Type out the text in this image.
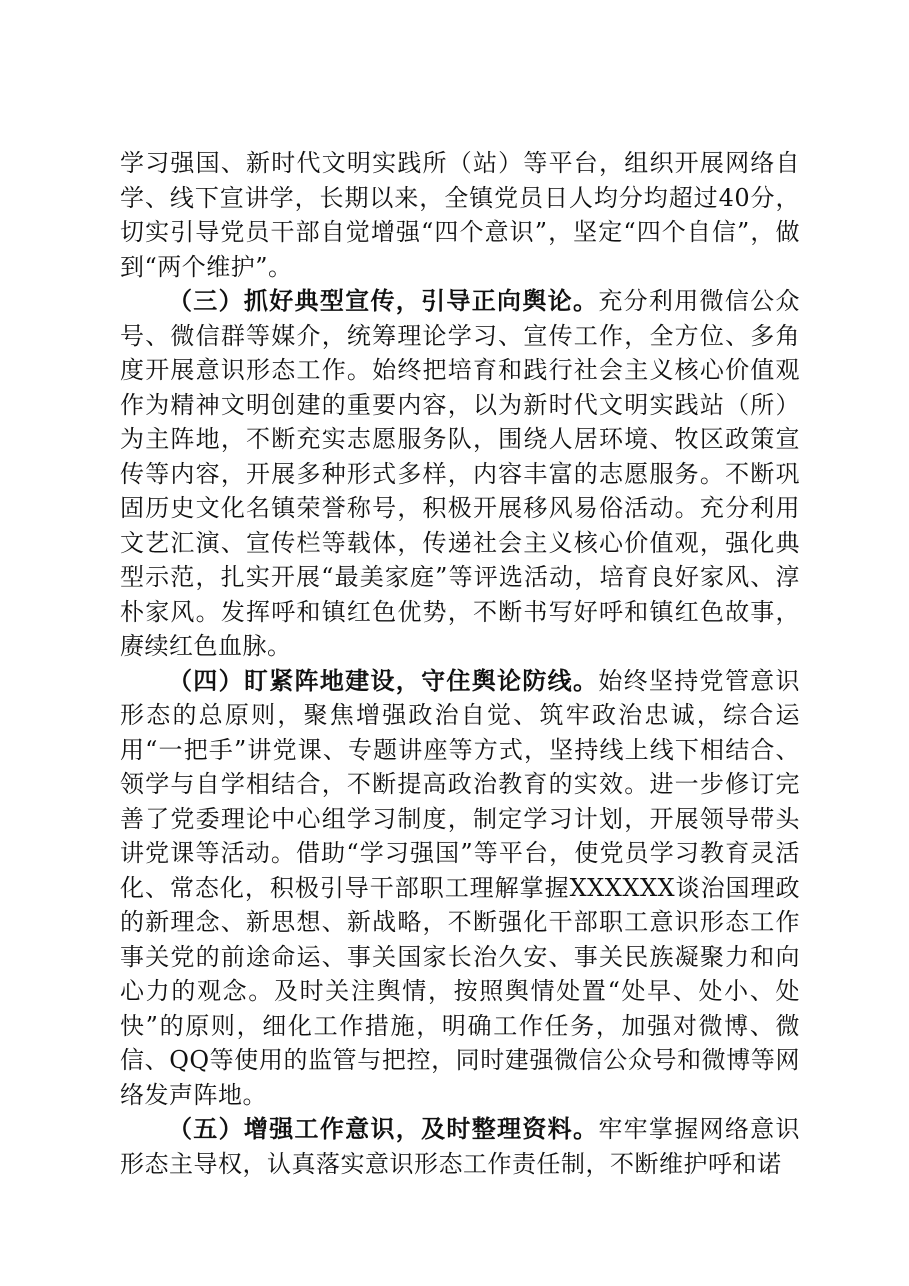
学习强国、新时代文明实践所（站）等平台，组织开展网络自学、线下宣讲学，长期以来，全镇党员日人均分均超过40分，切实引导党员干部自觉增强“四个意识”，坚定“四个自信”，做到“两个维护”。

（三）抓好典型宣传，引导正向舆论。充分利用微信公众号、微信群等媒介，统筹理论学习、宣传工作，全方位、多角度开展意识形态工作。始终把培育和践行社会主义核心价值观作为精神文明创建的重要内容，以为新时代文明实践站（所）为主阵地，不断充实志愿服务队，围绕人居环境、牧区政策宣传等内容，开展多种形式多样，内容丰富的志愿服务。不断巩固历史文化名镇荣誉称号，积极开展移风易俗活动。充分利用文艺汇演、宣传栏等载体，传递社会主义核心价值观，强化典型示范，扎实开展“最美家庭”等评选活动，培育良好家风、淳朴家风。发挥呼和镇红色优势，不断书写好呼和镇红色故事，赓续红色血脉。

（四）盯紧阵地建设，守住舆论防线。始终坚持党管意识形态的总原则，聚焦增强政治自觉、筑牢政治忠诚，综合运用“一把手”讲党课、专题讲座等方式，坚持线上线下相结合、领学与自学相结合，不断提高政治教育的实效。进一步修订完善了党委理论中心组学习制度，制定学习计划，开展领导带头讲党课等活动。借助“学习强国”等平台，使党员学习教育灵活化、常态化，积极引导干部职工理解掌握XXXXXX谈治国理政的新理念、新思想、新战略，不断强化干部职工意识形态工作事关党的前途命运、事关国家长治久安、事关民族凝聚力和向心力的观念。及时关注舆情，按照舆情处置“处早、处小、处快”的原则，细化工作措施，明确工作任务，加强对微博、微信、QQ等使用的监管与把控，同时建强微信公众号和微博等网络发声阵地。

（五）增强工作意识，及时整理资料。牢牢掌握网络意识形态主导权，认真落实意识形态工作责任制，不断维护呼和诺
